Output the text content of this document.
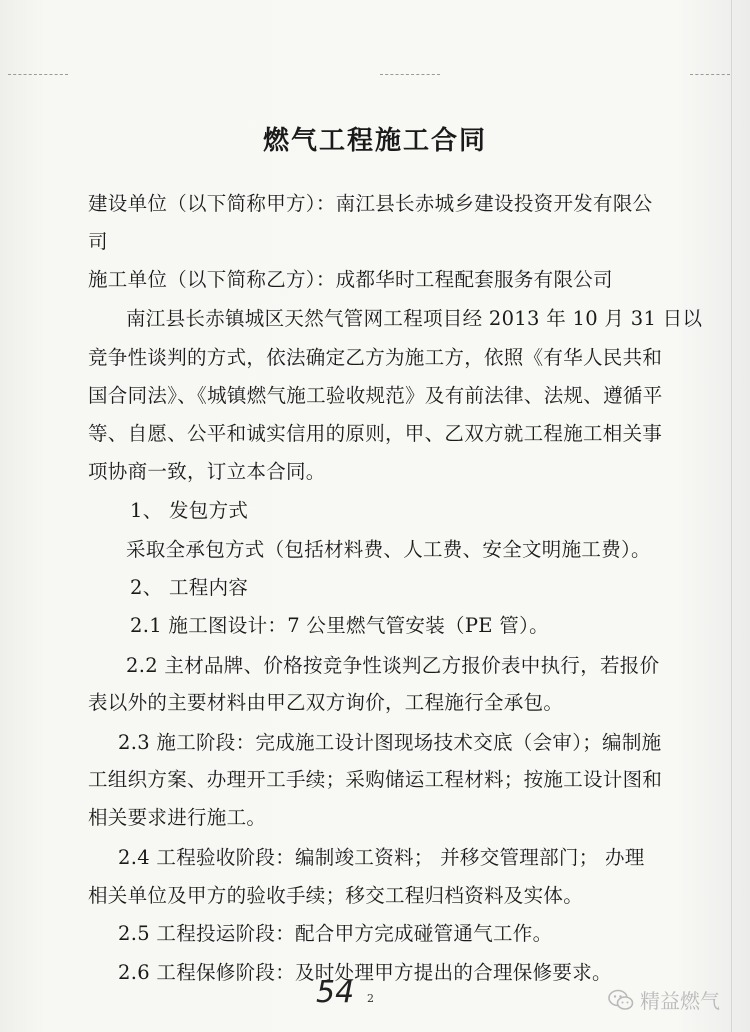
燃气工程施工合同
建设单位（以下简称甲方）：南江县长赤城乡建设投资开发有限公
司
施工单位（以下简称乙方）：成都华时工程配套服务有限公司
南江县长赤镇城区天然气管网工程项目经 2013 年 10 月 31 日以
竞争性谈判的方式，依法确定乙方为施工方，依照《有华人民共和
国合同法》、《城镇燃气施工验收规范》及有前法律、法规、遵循平
等、自愿、公平和诚实信用的原则，甲、乙双方就工程施工相关事
项协商一致，订立本合同。
1、 发包方式
采取全承包方式（包括材料费、人工费、安全文明施工费）。
2、 工程内容
2.1 施工图设计：7 公里燃气管安装（PE 管）。
2.2 主材品牌、价格按竞争性谈判乙方报价表中执行，若报价
表以外的主要材料由甲乙双方询价，工程施行全承包。
2.3 施工阶段：完成施工设计图现场技术交底（会审）；编制施
工组织方案、办理开工手续；采购储运工程材料；按施工设计图和
相关要求进行施工。
2.4 工程验收阶段：编制竣工资料； 并移交管理部门； 办理
相关单位及甲方的验收手续；移交工程归档资料及实体。
2.5 工程投运阶段：配合甲方完成碰管通气工作。
2.6 工程保修阶段：及时处理甲方提出的合理保修要求。
54 2	精益燃气
